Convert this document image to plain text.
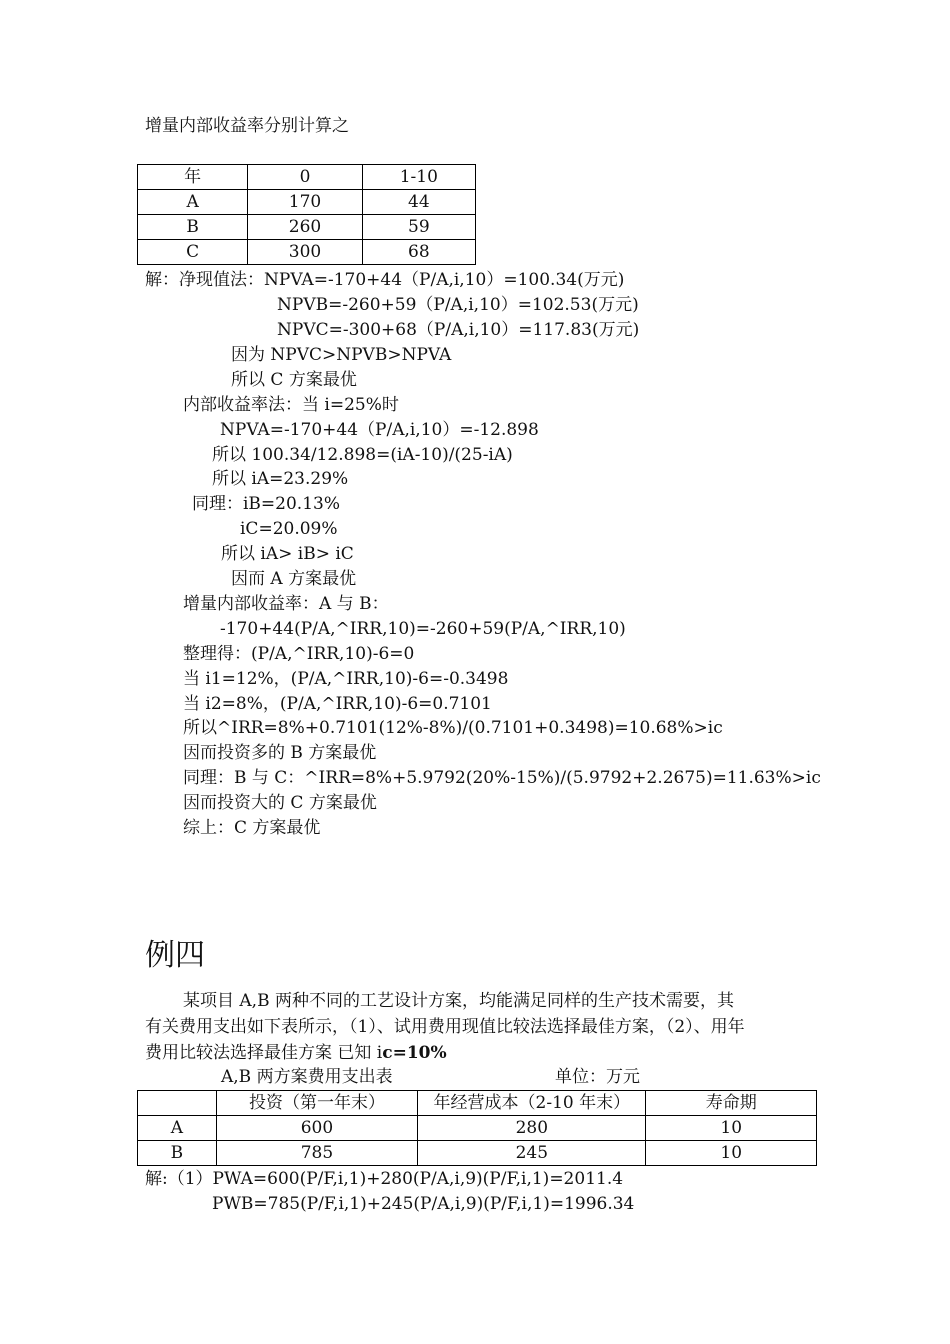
增量内部收益率分别计算之
年	0	1-10
A	170	44
B	260	59
C	300	68
解：净现值法：NPVA=-170+44（P/A,i,10）=100.34(万元)
NPVB=-260+59（P/A,i,10）=102.53(万元)
NPVC=-300+68（P/A,i,10）=117.83(万元)
因为 NPVC>NPVB>NPVA
所以 C 方案最优
内部收益率法：当 i=25%时
NPVA=-170+44（P/A,i,10）=-12.898
所以 100.34/12.898=(iA-10)/(25-iA)
所以 iA=23.29%
同理：iB=20.13%
iC=20.09%
所以 iA> iB> iC
因而 A 方案最优
增量内部收益率：A 与 B：
-170+44(P/A,^IRR,10)=-260+59(P/A,^IRR,10)
整理得：(P/A,^IRR,10)-6=0
当 i1=12%，(P/A,^IRR,10)-6=-0.3498
当 i2=8%，(P/A,^IRR,10)-6=0.7101
所以^IRR=8%+0.7101(12%-8%)/(0.7101+0.3498)=10.68%>ic
因而投资多的 B 方案最优
同理：B 与 C：^IRR=8%+5.9792(20%-15%)/(5.9792+2.2675)=11.63%>ic
因而投资大的 C 方案最优
综上：C 方案最优
例四
某项目 A,B 两种不同的工艺设计方案，均能满足同样的生产技术需要，其
有关费用支出如下表所示，（1）、试用费用现值比较法选择最佳方案，（2）、用年
费用比较法选择最佳方案 已知 ic=10%
A,B 两方案费用支出表	单位：万元
	投资（第一年末）	年经营成本（2-10 年末）	寿命期
A	600	280	10
B	785	245	10
解:（1）PWA=600(P/F,i,1)+280(P/A,i,9)(P/F,i,1)=2011.4
PWB=785(P/F,i,1)+245(P/A,i,9)(P/F,i,1)=1996.34
